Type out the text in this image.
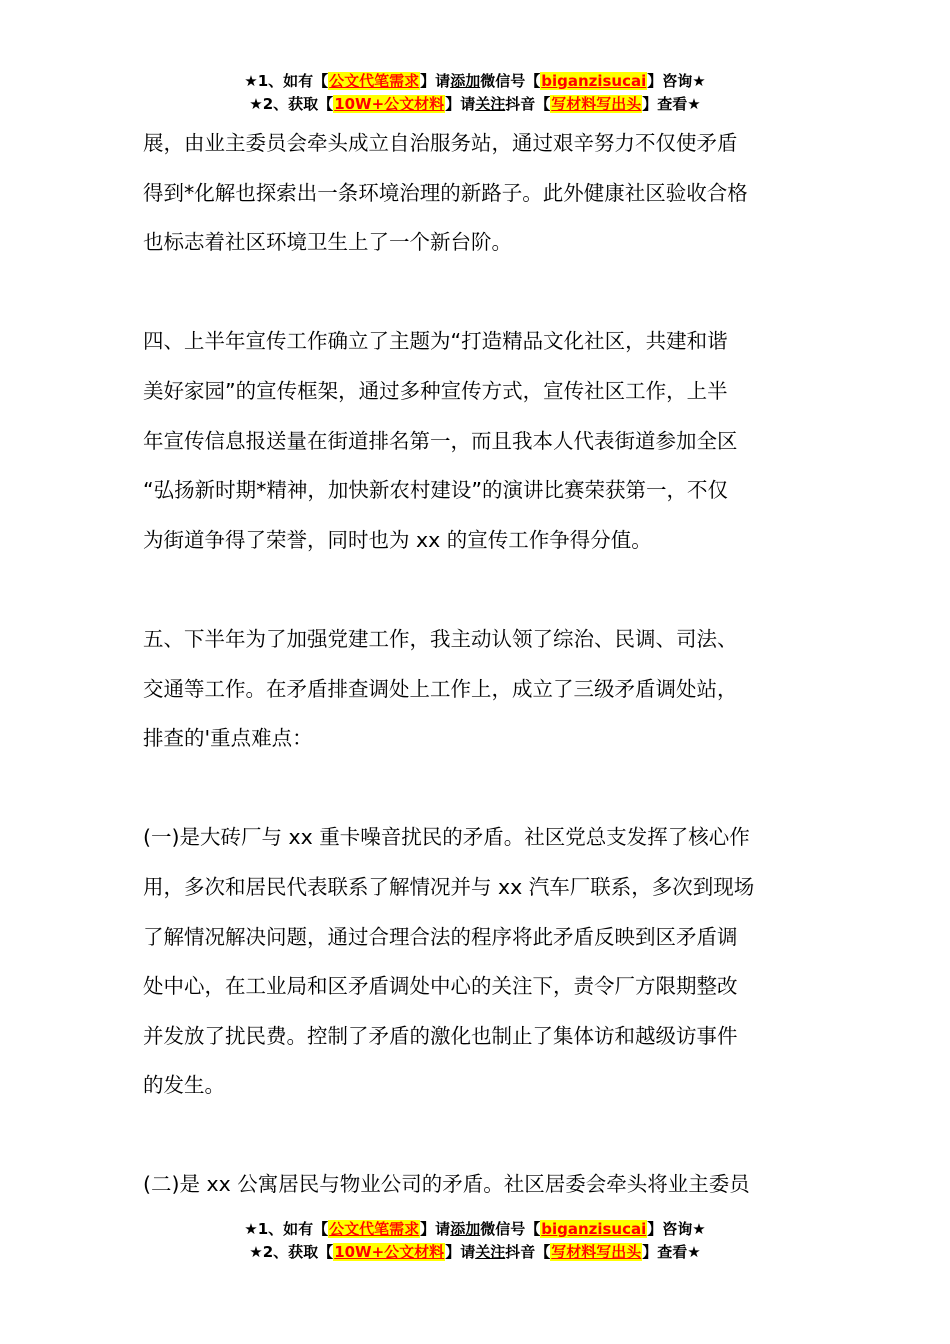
★1、如有【公文代笔需求】请添加微信号【biganzisucai】咨询★
★2、获取【10W+公文材料】请关注抖音【写材料写出头】查看★

展，由业主委员会牵头成立自治服务站，通过艰辛努力不仅使矛盾
得到*化解也探索出一条环境治理的新路子。此外健康社区验收合格
也标志着社区环境卫生上了一个新台阶。

四、上半年宣传工作确立了主题为“打造精品文化社区，共建和谐
美好家园”的宣传框架，通过多种宣传方式，宣传社区工作，上半
年宣传信息报送量在街道排名第一，而且我本人代表街道参加全区
“弘扬新时期*精神，加快新农村建设”的演讲比赛荣获第一，不仅
为街道争得了荣誉，同时也为 xx 的宣传工作争得分值。

五、下半年为了加强党建工作，我主动认领了综治、民调、司法、
交通等工作。在矛盾排查调处上工作上，成立了三级矛盾调处站，
排查的'重点难点：

(一)是大砖厂与 xx 重卡噪音扰民的矛盾。社区党总支发挥了核心作
用，多次和居民代表联系了解情况并与 xx 汽车厂联系，多次到现场
了解情况解决问题，通过合理合法的程序将此矛盾反映到区矛盾调
处中心，在工业局和区矛盾调处中心的关注下，责令厂方限期整改
并发放了扰民费。控制了矛盾的激化也制止了集体访和越级访事件
的发生。

(二)是 xx 公寓居民与物业公司的矛盾。社区居委会牵头将业主委员

★1、如有【公文代笔需求】请添加微信号【biganzisucai】咨询★
★2、获取【10W+公文材料】请关注抖音【写材料写出头】查看★
